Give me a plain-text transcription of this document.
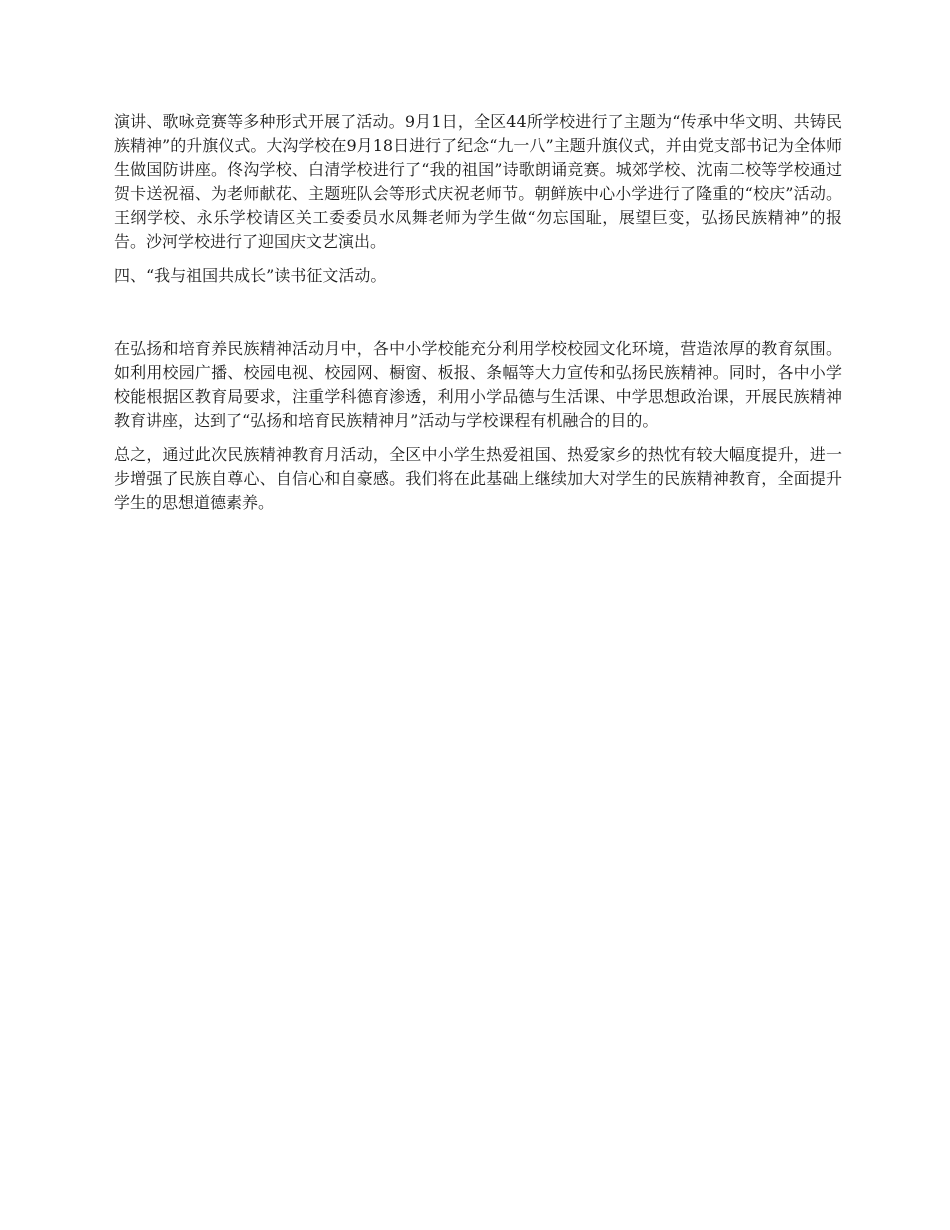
演讲、歌咏竞赛等多种形式开展了活动。9月1日，全区44所学校进行了主题为“传承中华文明、共铸民族精神”的升旗仪式。大沟学校在9月18日进行了纪念“九一八”主题升旗仪式，并由党支部书记为全体师生做国防讲座。佟沟学校、白清学校进行了“我的祖国”诗歌朗诵竞赛。城郊学校、沈南二校等学校通过贺卡送祝福、为老师献花、主题班队会等形式庆祝老师节。朝鲜族中心小学进行了隆重的“校庆”活动。王纲学校、永乐学校请区关工委委员水凤舞老师为学生做“勿忘国耻，展望巨变，弘扬民族精神”的报告。沙河学校进行了迎国庆文艺演出。

四、“我与祖国共成长”读书征文活动。

在弘扬和培育养民族精神活动月中，各中小学校能充分利用学校校园文化环境，营造浓厚的教育氛围。如利用校园广播、校园电视、校园网、橱窗、板报、条幅等大力宣传和弘扬民族精神。同时，各中小学校能根据区教育局要求，注重学科德育渗透，利用小学品德与生活课、中学思想政治课，开展民族精神教育讲座，达到了“弘扬和培育民族精神月”活动与学校课程有机融合的目的。

总之，通过此次民族精神教育月活动，全区中小学生热爱祖国、热爱家乡的热忱有较大幅度提升，进一步增强了民族自尊心、自信心和自豪感。我们将在此基础上继续加大对学生的民族精神教育，全面提升学生的思想道德素养。
